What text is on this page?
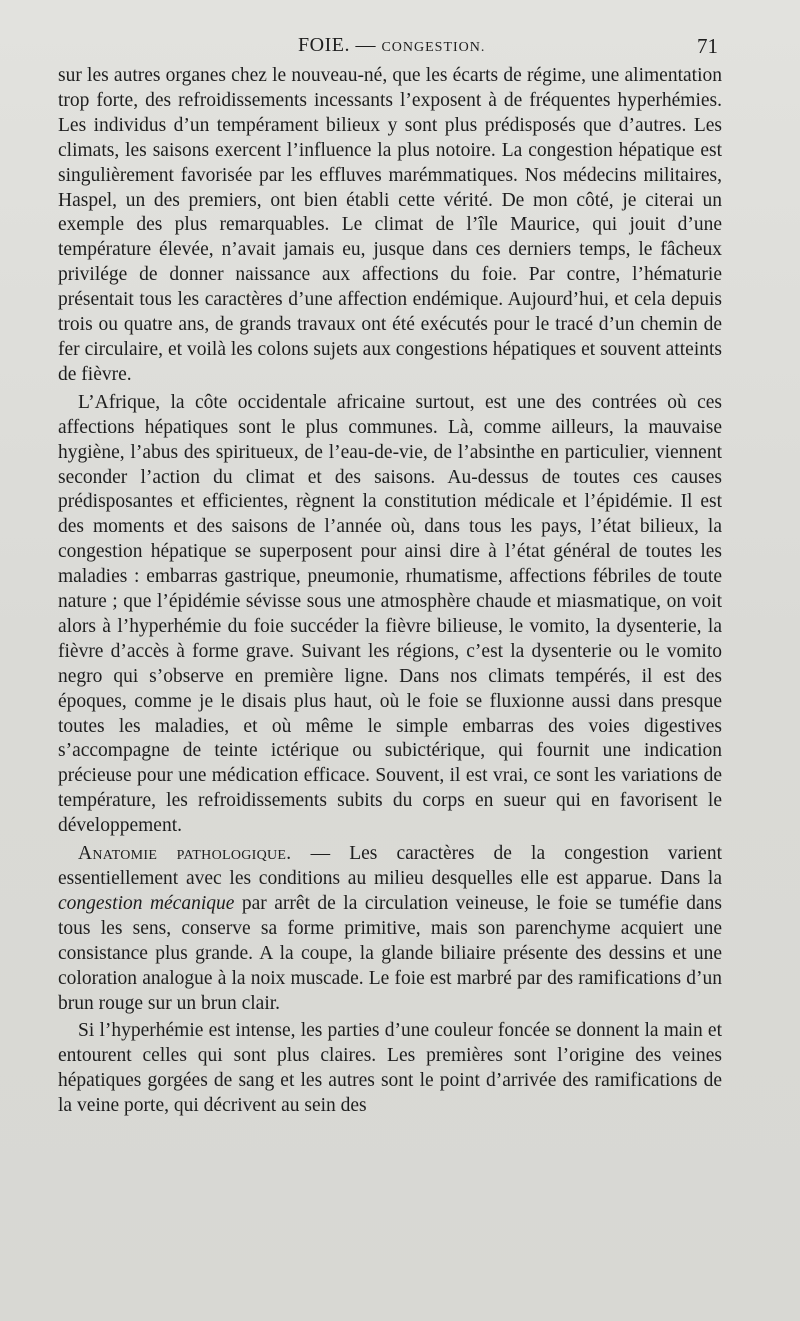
FOIE. — CONGESTION.	71

sur les autres organes chez le nouveau-né, que les écarts de régime, une alimentation trop forte, des refroidissements incessants l’exposent à de fréquentes hyperhémies. Les individus d’un tempérament bilieux y sont plus prédisposés que d’autres. Les climats, les saisons exercent l’influence la plus notoire. La congestion hépatique est singulièrement favorisée par les effluves marémmatiques. Nos médecins militaires, Haspel, un des premiers, ont bien établi cette vérité. De mon côté, je citerai un exemple des plus remarquables. Le climat de l’île Maurice, qui jouit d’une température élevée, n’avait jamais eu, jusque dans ces derniers temps, le fâcheux privilége de donner naissance aux affections du foie. Par contre, l’hématurie présentait tous les caractères d’une affection endémique. Aujourd’hui, et cela depuis trois ou quatre ans, de grands travaux ont été exécutés pour le tracé d’un chemin de fer circulaire, et voilà les colons sujets aux congestions hépatiques et souvent atteints de fièvre.

L’Afrique, la côte occidentale africaine surtout, est une des contrées où ces affections hépatiques sont le plus communes. Là, comme ailleurs, la mauvaise hygiène, l’abus des spiritueux, de l’eau-de-vie, de l’absinthe en particulier, viennent seconder l’action du climat et des saisons. Au-dessus de toutes ces causes prédisposantes et efficientes, règnent la constitution médicale et l’épidémie. Il est des moments et des saisons de l’année où, dans tous les pays, l’état bilieux, la congestion hépatique se superposent pour ainsi dire à l’état général de toutes les maladies : embarras gastrique, pneumonie, rhumatisme, affections fébriles de toute nature ; que l’épidémie sévisse sous une atmosphère chaude et miasmatique, on voit alors à l’hyperhémie du foie succéder la fièvre bilieuse, le vomito, la dysenterie, la fièvre d’accès à forme grave. Suivant les régions, c’est la dysenterie ou le vomito negro qui s’observe en première ligne. Dans nos climats tempérés, il est des époques, comme je le disais plus haut, où le foie se fluxionne aussi dans presque toutes les maladies, et où même le simple embarras des voies digestives s’accompagne de teinte ictérique ou subictérique, qui fournit une indication précieuse pour une médication efficace. Souvent, il est vrai, ce sont les variations de température, les refroidissements subits du corps en sueur qui en favorisent le développement.

Anatomie pathologique. — Les caractères de la congestion varient essentiellement avec les conditions au milieu desquelles elle est apparue. Dans la congestion mécanique par arrêt de la circulation veineuse, le foie se tuméfie dans tous les sens, conserve sa forme primitive, mais son parenchyme acquiert une consistance plus grande. A la coupe, la glande biliaire présente des dessins et une coloration analogue à la noix muscade. Le foie est marbré par des ramifications d’un brun rouge sur un brun clair.

Si l’hyperhémie est intense, les parties d’une couleur foncée se donnent la main et entourent celles qui sont plus claires. Les premières sont l’origine des veines hépatiques gorgées de sang et les autres sont le point d’arrivée des ramifications de la veine porte, qui décrivent au sein des
